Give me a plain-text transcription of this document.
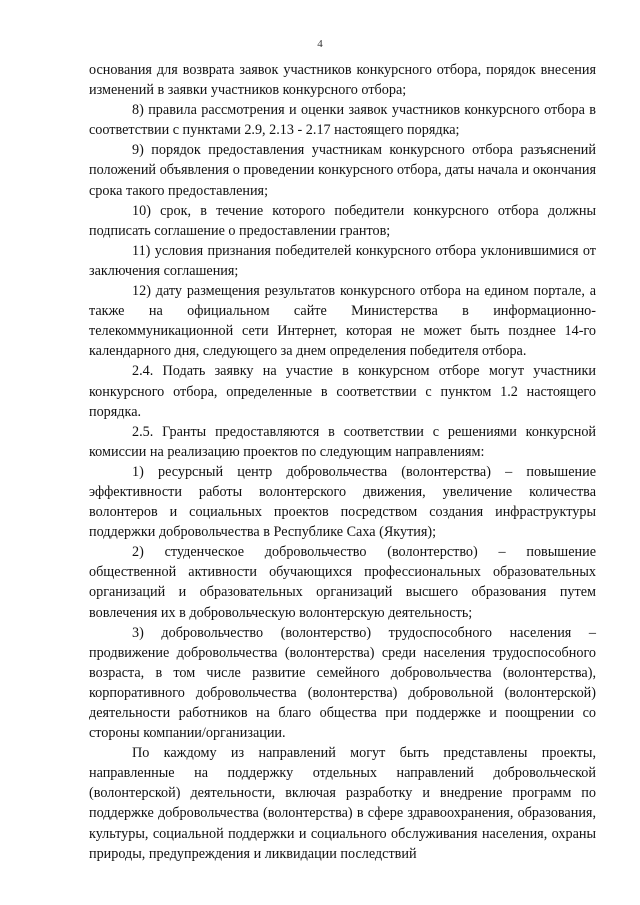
4

основания для возврата заявок участников конкурсного отбора, порядок внесения изменений в заявки участников конкурсного отбора;

8) правила рассмотрения и оценки заявок участников конкурсного отбора в соответствии с пунктами 2.9, 2.13 - 2.17 настоящего порядка;

9) порядок предоставления участникам конкурсного отбора разъяснений положений объявления о проведении конкурсного отбора, даты начала и окончания срока такого предоставления;

10) срок, в течение которого победители конкурсного отбора должны подписать соглашение о предоставлении грантов;

11) условия признания победителей конкурсного отбора уклонившимися от заключения соглашения;

12) дату размещения результатов конкурсного отбора на едином портале, а также на официальном сайте Министерства в информационно-телекоммуникационной сети Интернет, которая не может быть позднее 14-го календарного дня, следующего за днем определения победителя отбора.

2.4. Подать заявку на участие в конкурсном отборе могут участники конкурсного отбора, определенные в соответствии с пунктом 1.2 настоящего порядка.

2.5. Гранты предоставляются в соответствии с решениями конкурсной комиссии на реализацию проектов по следующим направлениям:

1) ресурсный центр добровольчества (волонтерства) – повышение эффективности работы волонтерского движения, увеличение количества волонтеров и социальных проектов посредством создания инфраструктуры поддержки добровольчества в Республике Саха (Якутия);

2) студенческое добровольчество (волонтерство) – повышение общественной активности обучающихся профессиональных образовательных организаций и образовательных организаций высшего образования путем вовлечения их в добровольческую волонтерскую деятельность;

3) добровольчество (волонтерство) трудоспособного населения – продвижение добровольчества (волонтерства) среди населения трудоспособного возраста, в том числе развитие семейного добровольчества (волонтерства), корпоративного добровольчества (волонтерства) добровольной (волонтерской) деятельности работников на благо общества при поддержке и поощрении со стороны компании/организации.

По каждому из направлений могут быть представлены проекты, направленные на поддержку отдельных направлений добровольческой (волонтерской) деятельности, включая разработку и внедрение программ по поддержке добровольчества (волонтерства) в сфере здравоохранения, образования, культуры, социальной поддержки и социального обслуживания населения, охраны природы, предупреждения и ликвидации последствий
